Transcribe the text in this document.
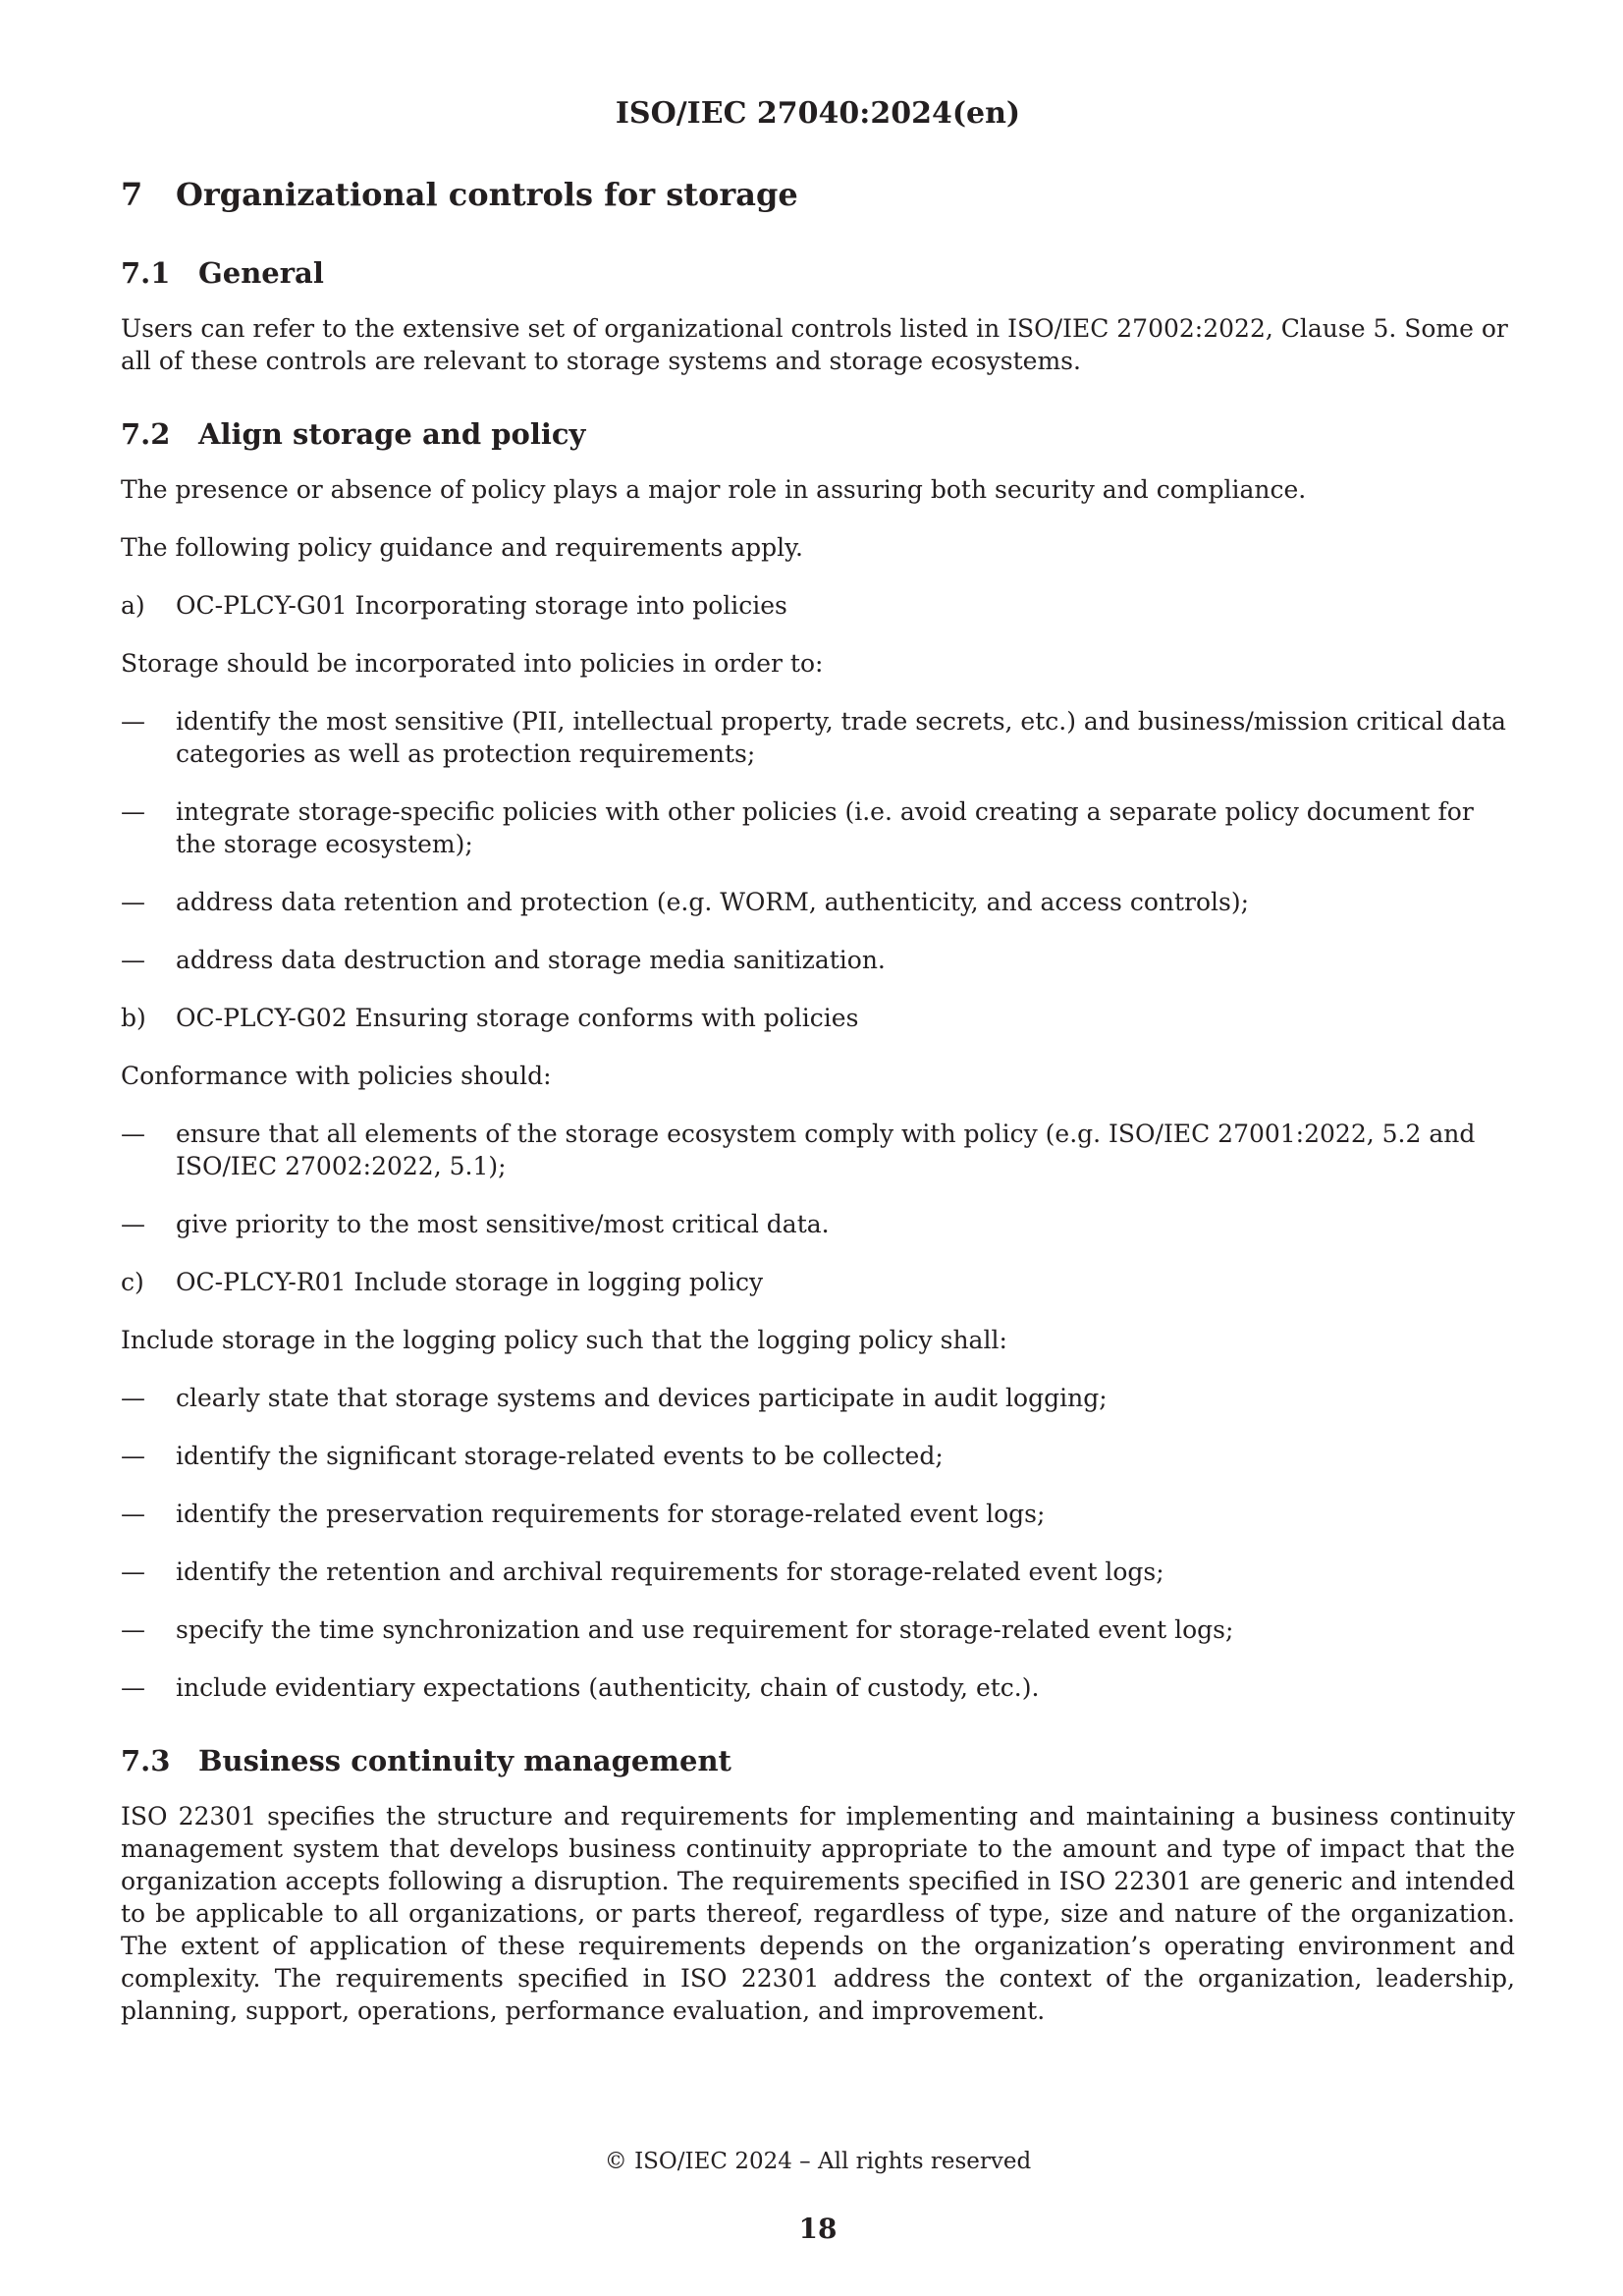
ISO/IEC 27040:2024(en)
7 Organizational controls for storage
7.1 General

Users can refer to the extensive set of organizational controls listed in ISO/IEC 27002:2022, Clause 5. Some or all of these controls are relevant to storage systems and storage ecosystems.

7.2 Align storage and policy

The presence or absence of policy plays a major role in assuring both security and compliance.

The following policy guidance and requirements apply.

a)	OC-PLCY-G01 Incorporating storage into policies

Storage should be incorporated into policies in order to:

—	identify the most sensitive (PII, intellectual property, trade secrets, etc.) and business/mission critical data categories as well as protection requirements;
—	integrate storage-specific policies with other policies (i.e. avoid creating a separate policy document for the storage ecosystem);
—	address data retention and protection (e.g. WORM, authenticity, and access controls);
—	address data destruction and storage media sanitization.
b)	OC-PLCY-G02 Ensuring storage conforms with policies

Conformance with policies should:

—	ensure that all elements of the storage ecosystem comply with policy (e.g. ISO/IEC 27001:2022, 5.2 and ISO/IEC 27002:2022, 5.1);
—	give priority to the most sensitive/most critical data.
c)	OC-PLCY-R01 Include storage in logging policy

Include storage in the logging policy such that the logging policy shall:

—	clearly state that storage systems and devices participate in audit logging;
—	identify the significant storage-related events to be collected;
—	identify the preservation requirements for storage-related event logs;
—	identify the retention and archival requirements for storage-related event logs;
—	specify the time synchronization and use requirement for storage-related event logs;
—	include evidentiary expectations (authenticity, chain of custody, etc.).
7.3 Business continuity management

ISO 22301 specifies the structure and requirements for implementing and maintaining a business continuity management system that develops business continuity appropriate to the amount and type of impact that the organization accepts following a disruption. The requirements specified in ISO 22301 are generic and intended to be applicable to all organizations, or parts thereof, regardless of type, size and nature of the organization. The extent of application of these requirements depends on the organization’s operating environment and complexity. The requirements specified in ISO 22301 address the context of the organization, leadership, planning, support, operations, performance evaluation, and improvement.

© ISO/IEC 2024 – All rights reserved
18
